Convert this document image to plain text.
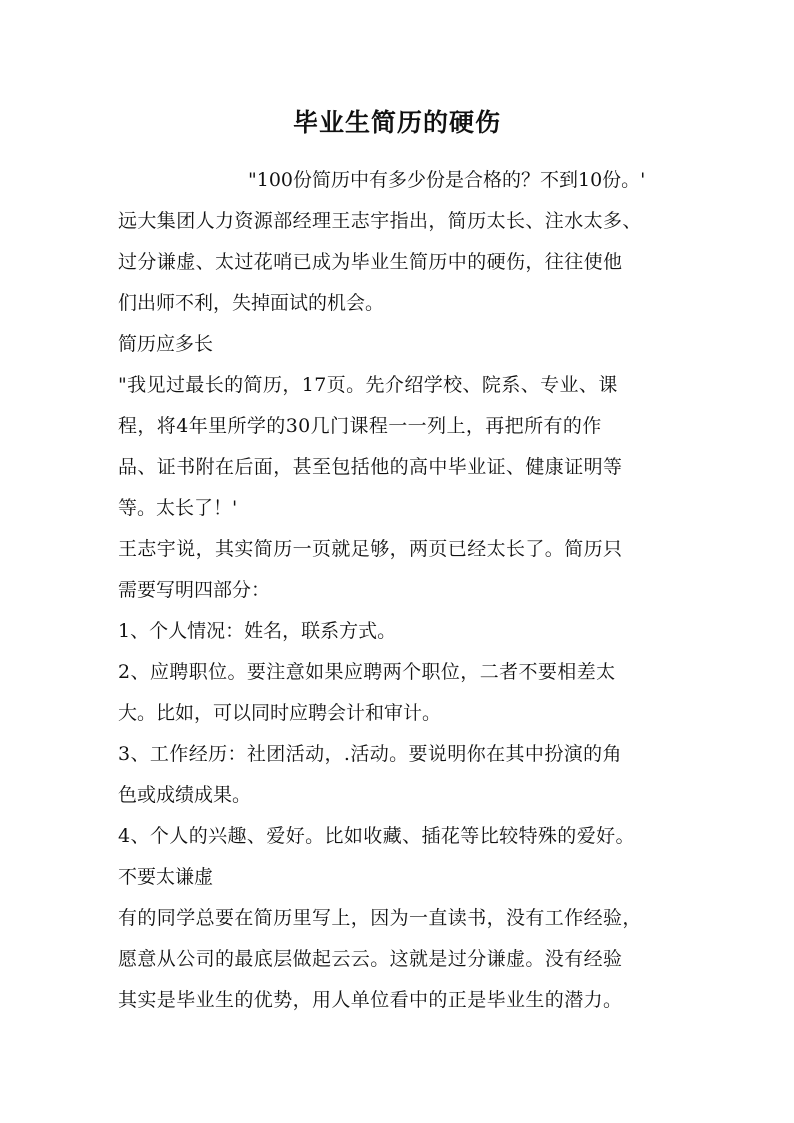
毕业生简历的硬伤

"100份简历中有多少份是合格的？不到10份。'

远大集团人力资源部经理王志宇指出，简历太长、注水太多、

过分谦虚、太过花哨已成为毕业生简历中的硬伤，往往使他

们出师不利，失掉面试的机会。

简历应多长

"我见过最长的简历，17页。先介绍学校、院系、专业、课

程，将4年里所学的30几门课程一一列上，再把所有的作

品、证书附在后面，甚至包括他的高中毕业证、健康证明等

等。太长了！'

王志宇说，其实简历一页就足够，两页已经太长了。简历只

需要写明四部分：

1、个人情况：姓名，联系方式。

2、应聘职位。要注意如果应聘两个职位，二者不要相差太

大。比如，可以同时应聘会计和审计。

3、工作经历：社团活动，.活动。要说明你在其中扮演的角

色或成绩成果。

4、个人的兴趣、爱好。比如收藏、插花等比较特殊的爱好。

不要太谦虚

有的同学总要在简历里写上，因为一直读书，没有工作经验，

愿意从公司的最底层做起云云。这就是过分谦虚。没有经验

其实是毕业生的优势，用人单位看中的正是毕业生的潜力。
